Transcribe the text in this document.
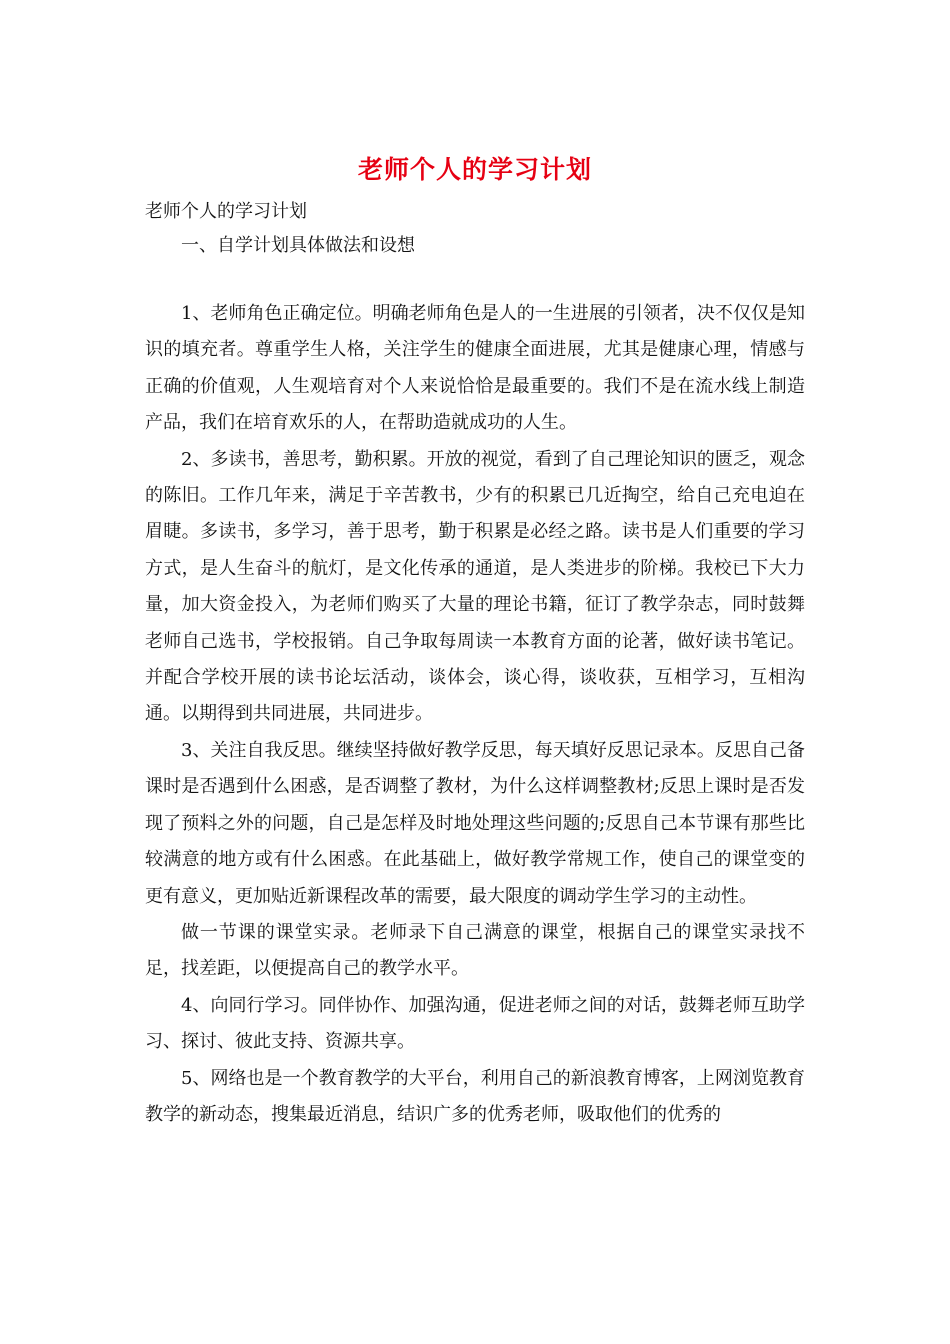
老师个人的学习计划
老师个人的学习计划
一、自学计划具体做法和设想

1、老师角色正确定位。明确老师角色是人的一生进展的引领者，决不仅仅是知识的填充者。尊重学生人格，关注学生的健康全面进展，尤其是健康心理，情感与正确的价值观，人生观培育对个人来说恰恰是最重要的。我们不是在流水线上制造产品，我们在培育欢乐的人，在帮助造就成功的人生。

2、多读书，善思考，勤积累。开放的视觉，看到了自己理论知识的匮乏，观念的陈旧。工作几年来，满足于辛苦教书，少有的积累已几近掏空，给自己充电迫在眉睫。多读书，多学习，善于思考，勤于积累是必经之路。读书是人们重要的学习方式，是人生奋斗的航灯，是文化传承的通道，是人类进步的阶梯。我校已下大力量，加大资金投入，为老师们购买了大量的理论书籍，征订了教学杂志，同时鼓舞老师自己选书，学校报销。自己争取每周读一本教育方面的论著，做好读书笔记。并配合学校开展的读书论坛活动，谈体会，谈心得，谈收获，互相学习，互相沟通。以期得到共同进展，共同进步。

3、关注自我反思。继续坚持做好教学反思，每天填好反思记录本。反思自己备课时是否遇到什么困惑，是否调整了教材，为什么这样调整教材;反思上课时是否发现了预料之外的问题，自己是怎样及时地处理这些问题的;反思自己本节课有那些比较满意的地方或有什么困惑。在此基础上，做好教学常规工作，使自己的课堂变的更有意义，更加贴近新课程改革的需要，最大限度的调动学生学习的主动性。

做一节课的课堂实录。老师录下自己满意的课堂，根据自己的课堂实录找不足，找差距，以便提高自己的教学水平。

4、向同行学习。同伴协作、加强沟通，促进老师之间的对话，鼓舞老师互助学习、探讨、彼此支持、资源共享。

5、网络也是一个教育教学的大平台，利用自己的新浪教育博客，上网浏览教育教学的新动态，搜集最近消息，结识广多的优秀老师，吸取他们的优秀的
